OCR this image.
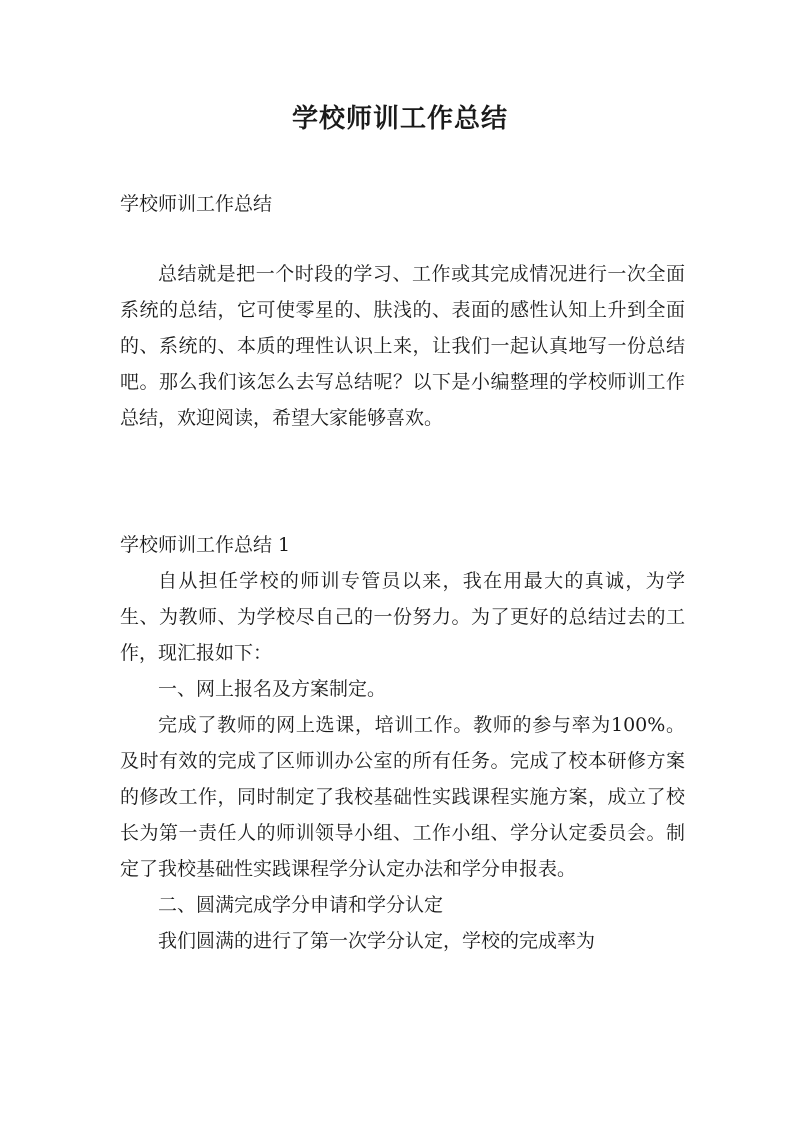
学校师训工作总结
学校师训工作总结
总结就是把一个时段的学习、工作或其完成情况进行一次全面系统的总结，它可使零星的、肤浅的、表面的感性认知上升到全面的、系统的、本质的理性认识上来，让我们一起认真地写一份总结吧。那么我们该怎么去写总结呢？以下是小编整理的学校师训工作总结，欢迎阅读，希望大家能够喜欢。

学校师训工作总结 1

自从担任学校的师训专管员以来，我在用最大的真诚，为学生、为教师、为学校尽自己的一份努力。为了更好的总结过去的工作，现汇报如下：

一、网上报名及方案制定。

完成了教师的网上选课，培训工作。教师的参与率为100%。及时有效的完成了区师训办公室的所有任务。完成了校本研修方案的修改工作，同时制定了我校基础性实践课程实施方案，成立了校长为第一责任人的师训领导小组、工作小组、学分认定委员会。制定了我校基础性实践课程学分认定办法和学分申报表。

二、圆满完成学分申请和学分认定

我们圆满的进行了第一次学分认定，学校的完成率为
